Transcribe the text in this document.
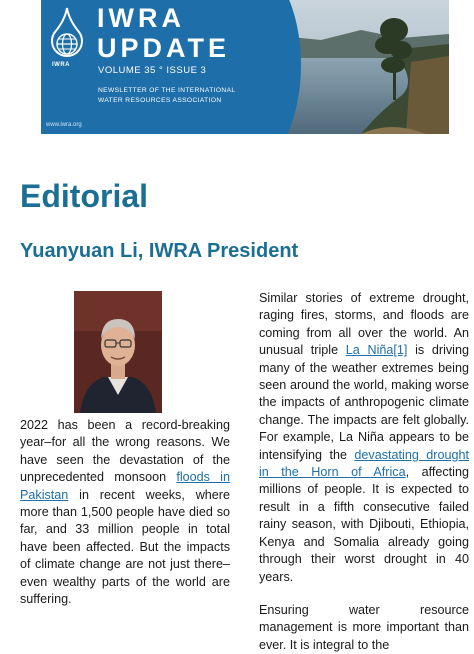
IWRA
IWRA
UPDATE
VOLUME 35 ° ISSUE 3
NEWSLETTER OF THE INTERNATIONAL
WATER RESOURCES ASSOCIATION
www.iwra.org
Editorial
Yuanyuan Li, IWRA President

2022 has been a record-breaking year–for all the wrong reasons. We have seen the devastation of the unprecedented monsoon floods in Pakistan in recent weeks, where more than 1,500 people have died so far, and 33 million people in total have been affected. But the impacts of climate change are not just there–even wealthy parts of the world are suffering.

Similar stories of extreme drought, raging fires, storms, and floods are coming from all over the world. An unusual triple La Niña[1] is driving many of the weather extremes being seen around the world, making worse the impacts of anthropogenic climate change. The impacts are felt globally. For example, La Niña appears to be intensifying the devastating drought in the Horn of Africa, affecting millions of people. It is expected to result in a fifth consecutive failed rainy season, with Djibouti, Ethiopia, Kenya and Somalia already going through their worst drought in 40 years.

Ensuring water resource management is more important than ever. It is integral to the
